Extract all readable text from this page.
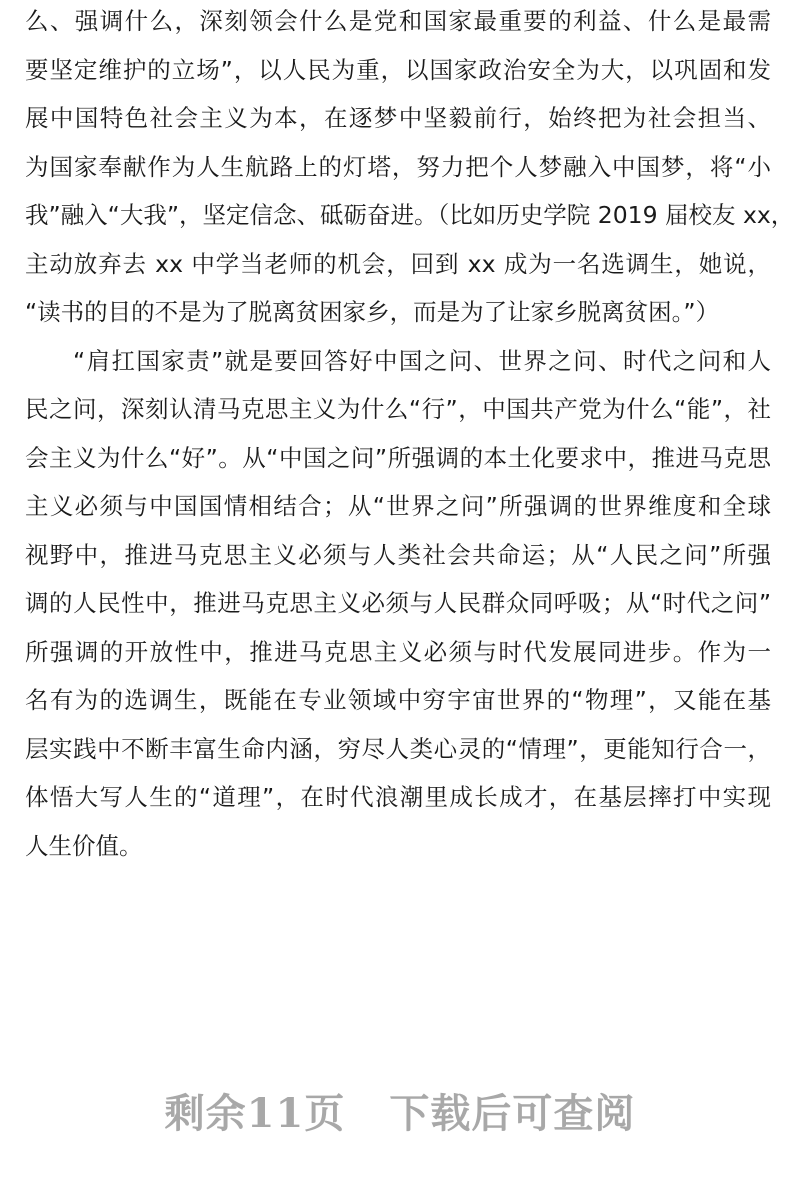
么、强调什么，深刻领会什么是党和国家最重要的利益、什么是最需
要坚定维护的立场”，以人民为重，以国家政治安全为大，以巩固和发
展中国特色社会主义为本，在逐梦中坚毅前行，始终把为社会担当、
为国家奉献作为人生航路上的灯塔，努力把个人梦融入中国梦，将“小
我”融入“大我”，坚定信念、砥砺奋进。（比如历史学院 2019 届校友 xx，
主动放弃去 xx 中学当老师的机会，回到 xx 成为一名选调生，她说，
“读书的目的不是为了脱离贫困家乡，而是为了让家乡脱离贫困。”）
“肩扛国家责”就是要回答好中国之问、世界之问、时代之问和人
民之问，深刻认清马克思主义为什么“行”，中国共产党为什么“能”，社
会主义为什么“好”。从“中国之问”所强调的本土化要求中，推进马克思
主义必须与中国国情相结合；从“世界之问”所强调的世界维度和全球
视野中，推进马克思主义必须与人类社会共命运；从“人民之问”所强
调的人民性中，推进马克思主义必须与人民群众同呼吸；从“时代之问”
所强调的开放性中，推进马克思主义必须与时代发展同进步。作为一
名有为的选调生，既能在专业领域中穷宇宙世界的“物理”，又能在基
层实践中不断丰富生命内涵，穷尽人类心灵的“情理”，更能知行合一，
体悟大写人生的“道理”，在时代浪潮里成长成才，在基层摔打中实现
人生价值。
剩余11页 下载后可查阅
